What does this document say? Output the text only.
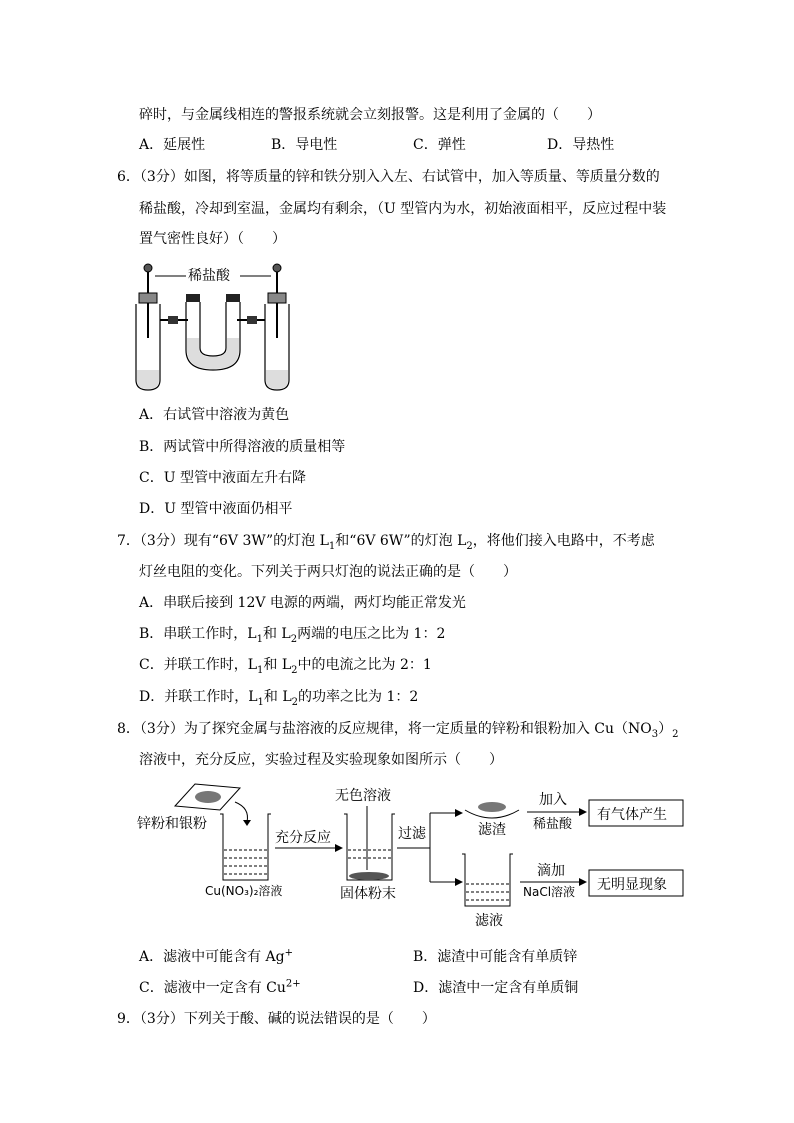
碎时，与金属线相连的警报系统就会立刻报警。这是利用了金属的（　　）
A．延展性	B．导电性	C．弹性	D．导热性
6．（3分）如图，将等质量的锌和铁分别入入左、右试管中，加入等质量、等质量分数的
稀盐酸，冷却到室温，金属均有剩余，（U 型管内为水，初始液面相平，反应过程中装
置气密性良好）（　　）
稀盐酸
A．右试管中溶液为黄色
B．两试管中所得溶液的质量相等
C．U 型管中液面左升右降
D．U 型管中液面仍相平
7．（3分）现有“6V 3W”的灯泡 $L_1$和“6V 6W”的灯泡 $L_2$，将他们接入电路中，不考虑
灯丝电阻的变化。下列关于两只灯泡的说法正确的是（　　）
A．串联后接到 12V 电源的两端，两灯均能正常发光
B．串联工作时，$L_1$和 $L_2$两端的电压之比为 1：2
C．并联工作时，$L_1$和 $L_2$中的电流之比为 2：1
D．并联工作时，$L_1$和 $L_2$的功率之比为 1：2
8．（3分）为了探究金属与盐溶液的反应规律，将一定质量的锌粉和银粉加入 $Cu(NO_3)_2$
溶液中，充分反应，实验过程及实验现象如图所示（　　）
锌粉和银粉
Cu(NO₃)₂溶液
充分反应
无色溶液
固体粉末
过滤	滤渣
加入
稀盐酸
有气体产生
滤液
滴加
NaCl溶液 无明显现象
A．滤液中可能含有 Ag+	B．滤渣中可能含有单质锌
C．滤液中一定含有 $Cu^{2+}$	D．滤渣中一定含有单质铜
9．（3分）下列关于酸、碱的说法错误的是（　　）
